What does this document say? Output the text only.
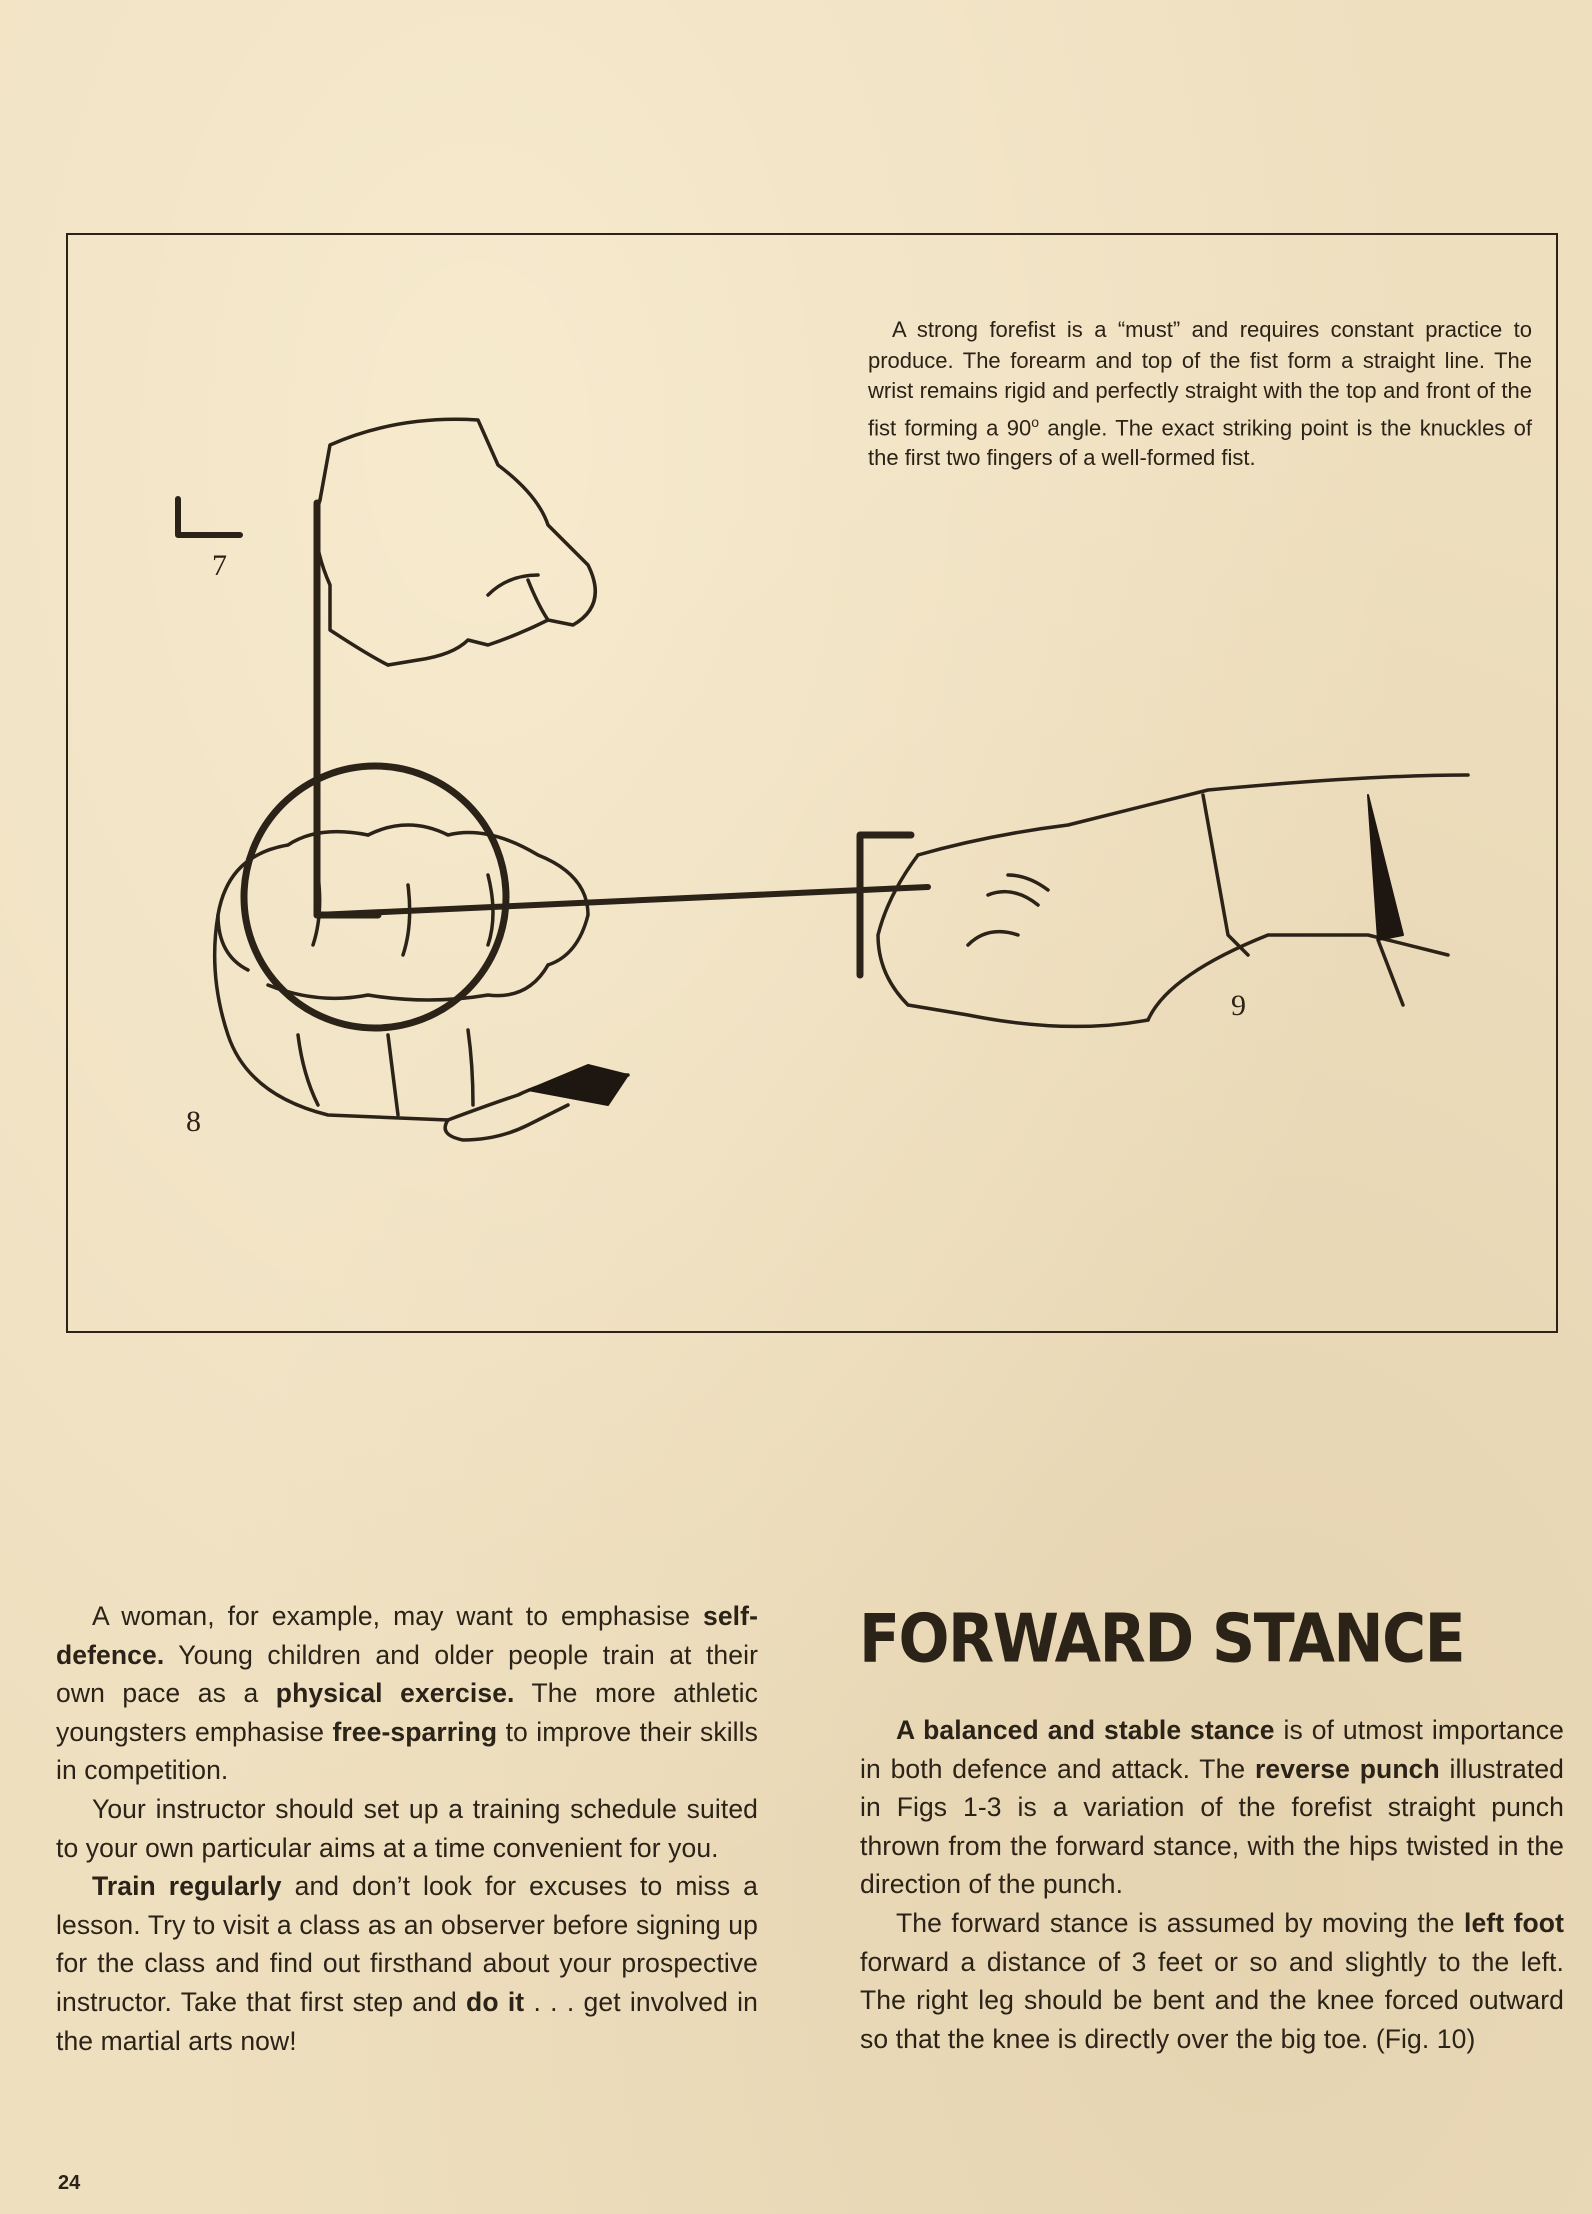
A strong forefist is a “must” and requires constant practice to produce. The forearm and top of the fist form a straight line. The wrist remains rigid and perfectly straight with the top and front of the fist forming a 90$^o$ angle. The exact striking point is the knuckles of the first two fingers of a well-formed fist.
7
8
9

A woman, for example, may want to emphasise self-defence. Young children and older people train at their own pace as a physical exercise. The more athletic youngsters emphasise free-sparring to improve their skills in competition.

Your instructor should set up a training schedule suited to your own particular aims at a time convenient for you.

Train regularly and don’t look for excuses to miss a lesson. Try to visit a class as an observer before signing up for the class and find out firsthand about your prospective instructor. Take that first step and do it . . . get involved in the martial arts now!

FORWARD STANCE

A balanced and stable stance is of utmost importance in both defence and attack. The reverse punch illustrated in Figs 1-3 is a variation of the forefist straight punch thrown from the forward stance, with the hips twisted in the direction of the punch.

The forward stance is assumed by moving the left foot forward a distance of 3 feet or so and slightly to the left. The right leg should be bent and the knee forced outward so that the knee is directly over the big toe. (Fig. 10)

24
